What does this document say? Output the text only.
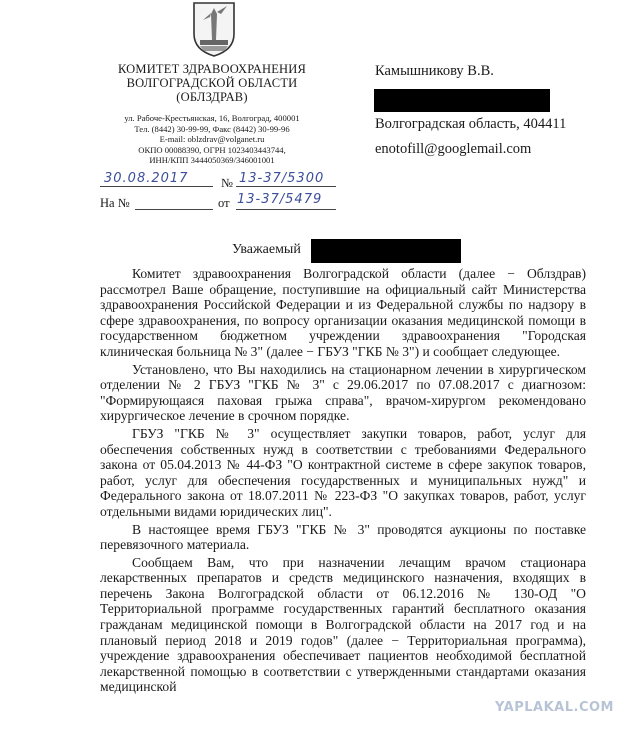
КОМИТЕТ ЗДРАВООХРАНЕНИЯ
ВОЛГОГРАДСКОЙ ОБЛАСТИ
(ОБЛЗДРАВ)
ул. Рабоче-Крестьянская, 16, Волгоград, 400001
Тел. (8442) 30-99-99, Факс (8442) 30-99-96
E-mail: oblzdrav@volganet.ru
ОКПО 00088390, ОГРН 1023403443744,
ИНН/КПП 3444050369/346001001
Камышникову В.В.
Волгоградская область, 404411
enotofill@googlemail.com
30.08.2017	№ 13-37/5300
На №	от 13-37/5479
Уважаемый

Комитет здравоохранения Волгоградской области (далее − Облздрав) рассмотрел Ваше обращение, поступившие на официальный сайт Министерства здравоохранения Российской Федерации и из Федеральной службы по надзору в сфере здравоохранения, по вопросу организации оказания медицинской помощи в государственном бюджетном учреждении здравоохранения "Городская клиническая больница № 3" (далее − ГБУЗ "ГКБ № 3") и сообщает следующее.

Установлено, что Вы находились на стационарном лечении в хирургическом отделении № 2 ГБУЗ "ГКБ № 3" с 29.06.2017 по 07.08.2017 с диагнозом: "Формирующаяся паховая грыжа справа", врачом-хирургом рекомендовано хирургическое лечение в срочном порядке.

ГБУЗ "ГКБ № 3" осуществляет закупки товаров, работ, услуг для обеспечения собственных нужд в соответствии с требованиями Федерального закона от 05.04.2013 № 44-ФЗ "О контрактной системе в сфере закупок товаров, работ, услуг для обеспечения государственных и муниципальных нужд" и Федерального закона от 18.07.2011 № 223-ФЗ "О закупках товаров, работ, услуг отдельными видами юридических лиц".

В настоящее время ГБУЗ "ГКБ № 3" проводятся аукционы по поставке перевязочного материала.

Сообщаем Вам, что при назначении лечащим врачом стационара лекарственных препаратов и средств медицинского назначения, входящих в перечень Закона Волгоградской области от 06.12.2016 № 130-ОД "О Территориальной программе государственных гарантий бесплатного оказания гражданам медицинской помощи в Волгоградской области на 2017 год и на плановый период 2018 и 2019 годов" (далее − Территориальная программа), учреждение здравоохранения обеспечивает пациентов необходимой бесплатной лекарственной помощью в соответствии с утвержденными стандартами оказания медицинской

YAPLAKAL.COM
